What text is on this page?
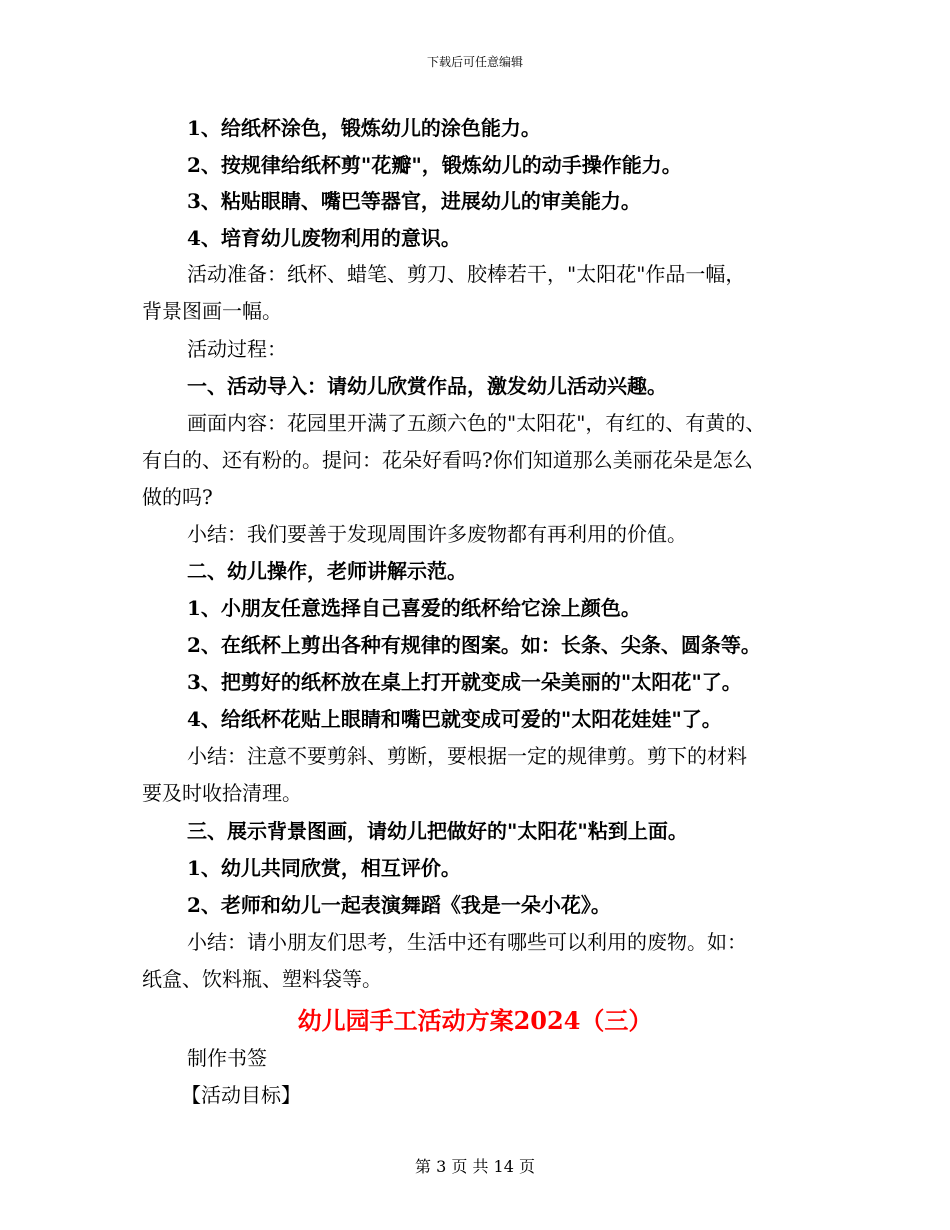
下载后可任意编辑
1、给纸杯涂色，锻炼幼儿的涂色能力。
2、按规律给纸杯剪"花瓣"，锻炼幼儿的动手操作能力。
3、粘贴眼睛、嘴巴等器官，进展幼儿的审美能力。
4、培育幼儿废物利用的意识。
活动准备：纸杯、蜡笔、剪刀、胶棒若干，"太阳花"作品一幅，
背景图画一幅。
活动过程：
一、活动导入：请幼儿欣赏作品，激发幼儿活动兴趣。
画面内容：花园里开满了五颜六色的"太阳花"，有红的、有黄的、
有白的、还有粉的。提问：花朵好看吗?你们知道那么美丽花朵是怎么
做的吗?
小结：我们要善于发现周围许多废物都有再利用的价值。
二、幼儿操作，老师讲解示范。
1、小朋友任意选择自己喜爱的纸杯给它涂上颜色。
2、在纸杯上剪出各种有规律的图案。如：长条、尖条、圆条等。
3、把剪好的纸杯放在桌上打开就变成一朵美丽的"太阳花"了。
4、给纸杯花贴上眼睛和嘴巴就变成可爱的"太阳花娃娃"了。
小结：注意不要剪斜、剪断，要根据一定的规律剪。剪下的材料
要及时收拾清理。
三、展示背景图画，请幼儿把做好的"太阳花"粘到上面。
1、幼儿共同欣赏，相互评价。
2、老师和幼儿一起表演舞蹈《我是一朵小花》。
小结：请小朋友们思考，生活中还有哪些可以利用的废物。如：
纸盒、饮料瓶、塑料袋等。
幼儿园手工活动方案2024（三）
制作书签
【活动目标】
第 3 页 共 14 页
